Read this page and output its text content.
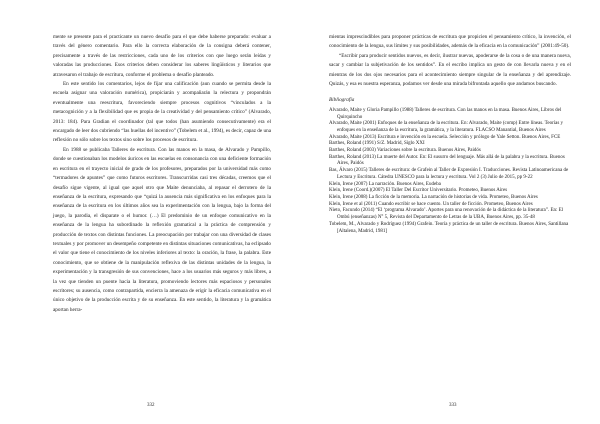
mente se presente para el practicante un nuevo desafío para el que debe haberse preparado: evaluar a través del género comentario. Para ello la correcta elaboración de la consigna deberá contener, precisamente a través de las restricciones, cada uno de los criterios con que luego serán leídas y valoradas las producciones. Esos criterios deben considerar los saberes lingüísticos y literarios que atravesaron el trabajo de escritura, conforme el problema o desafío planteado.

En este sentido los comentarios, lejos de fijar una calificación (aun cuando se permita desde la escuela asignar una valoración numérica), propiciarán y acompañarán la relectura y propondrán eventualmente una reescritura, favoreciendo siempre procesos cognitivos “vinculados a la metacognición y a la flexibilidad que es propia de la creatividad y del pensamiento crítico” (Alvarado, 2013: 184). Para Gradian el coordinador (tal que todos (han asumiendo consecutivamente) era el encargado de leer dos cubriendo “las huellas del incentivo” (Tobelem et al., 1994), es decir, capaz de una reflexión no sólo sobre los textos sino sobre los procesos de escritura.

En 1988 se publicaba Talleres de escritura. Con las manos en la masa, de Alvarado y Pampillo, donde se cuestionaban los modelos áuricos en las escuelas en consonancia con una deficiente formación en escritura en el trayecto inicial de grado de los profesores, preparados por la universidad más como “termadores de apuntes” que como futuros escritores. Transcurridas casi tres décadas, creemos que el desafío sigue vigente, al igual que aquel otro que Maite denunciaba, al repasar el derrotero de la enseñanza de la escritura, expresando que “quizá la ausencia más significativa en los enfoques para la enseñanza de la escritura en los últimos años sea la experimentación con la lengua, bajo la forma del juego, la parodia, el disparate o el humor. (…) El predominio de un enfoque comunicativo en la enseñanza de la lengua ha subordinado la reflexión gramatical a la práctica de comprensión y producción de textos con distintas funciones. La preocupación por trabajar con una diversidad de clases textuales y por promover un desempeño competente en distintas situaciones comunicativas, ha eclipsado el valor que tiene el conocimiento de los niveles inferiores al texto: la oración, la frase, la palabra. Este conocimiento, que se obtiene de la manipulación reflexiva de las distintas unidades de la lengua, la experimentación y la transgresión de sus convenciones, hace a los usuarios más seguros y más libres, a la vez que tienden un puente hacia la literatura, promoviendo lectores más espaciosos y personales escritores; su ausencia, como contrapartida, encierra la amenaza de erigir la eficacia comunicativa en el único objetivo de la producción escrita y de su enseñanza. En este sentido, la literatura y la gramática aportan herra-

332

mientas imprescindibles para proponer prácticas de escritura que propicien el pensamiento crítico, la invención, el conocimiento de la lengua, sus límites y sus posibilidades, además de la eficacia en la comunicación” (2001:49-50).

“Escribir para producir sentidos nuevos, es decir, ilustrar nuevas, apoderarse de la cosa o de una manera nueva, sacar y cambiar la subjetivación de los sentidos”. En el escribo implica un gesto de con llevarla nueva y en el mientras de los dos ojos necesarios para el acontecimiento siempre singular de la enseñanza y del aprendizaje. Quizás, y esa es nuestra esperanza, podamos ver desde una mirada bifrontada aquello que andamos buscando.

Bibliografía

Alvarado, Maite y Gloria Pampillo (1988) Talleres de escritura. Con las manos en la masa. Buenos Aires, Libros del Quirquincho

Alvarado, Maite (2001) Enfoques de la enseñanza de la escritura. En: Alvarado, Maite (comp) Entre líneas. Teorías y enfoques en la enseñanza de la escritura, la gramática, y la literatura. FLACSO Manantial, Buenos Aires

Alvarado, Maite (2013) Escritura e invención en la escuela. Selección y prólogo de Yale Setton. Buenos Aires, FCE

Barthes, Roland (1991) S/Z. Madrid, Siglo XXI

Barthes, Roland (2003) Variaciones sobre la escritura. Buenos Aires, Paidós

Barthes, Roland (2013) La muerte del Autor. En: El susurro del lenguaje. Más allá de la palabra y la escritura. Buenos Aires, Paidós

Bas, Álvaro (2015) Talleres de escritura: de Grafein al Taller de Expresión I. Traducciones. Revista Latinoamericana de Lectura y Escritura. Cátedra UNESCO para la lectura y escritura. Vol 2 (3) Julio de 2015, pp 9-22

Klein, Irene (2007) La narración. Buenos Aires, Eudeba

Klein, Irene (Coord.)(2007) El Taller Del Escritor Universitario. Prometeo, Buenos Aires

Klein, Irene (2008) La ficción de la memoria. La narración de historias de vida. Prometeo, Buenos Aires

Klein, Irene et al (2011) Cuando escribir se hace cuento. Un taller de ficción. Prometeo, Buenos Aires

Nieto, Facundo (2014) “El ‘programa Alvarado’. Aportes para una renovación de la didáctica de la literatura”. En: El Ombú (enseñanzas) N° 5, Revista del Departamento de Letras de la UBA, Buenos Aires, pp. 35-48

Tobelem, M., Alvarado y Rodríguez (1994) Grafein. Teoría y práctica de un taller de escritura. Buenos Aires, Santillana [Altalena, Madrid, 1981]

333
